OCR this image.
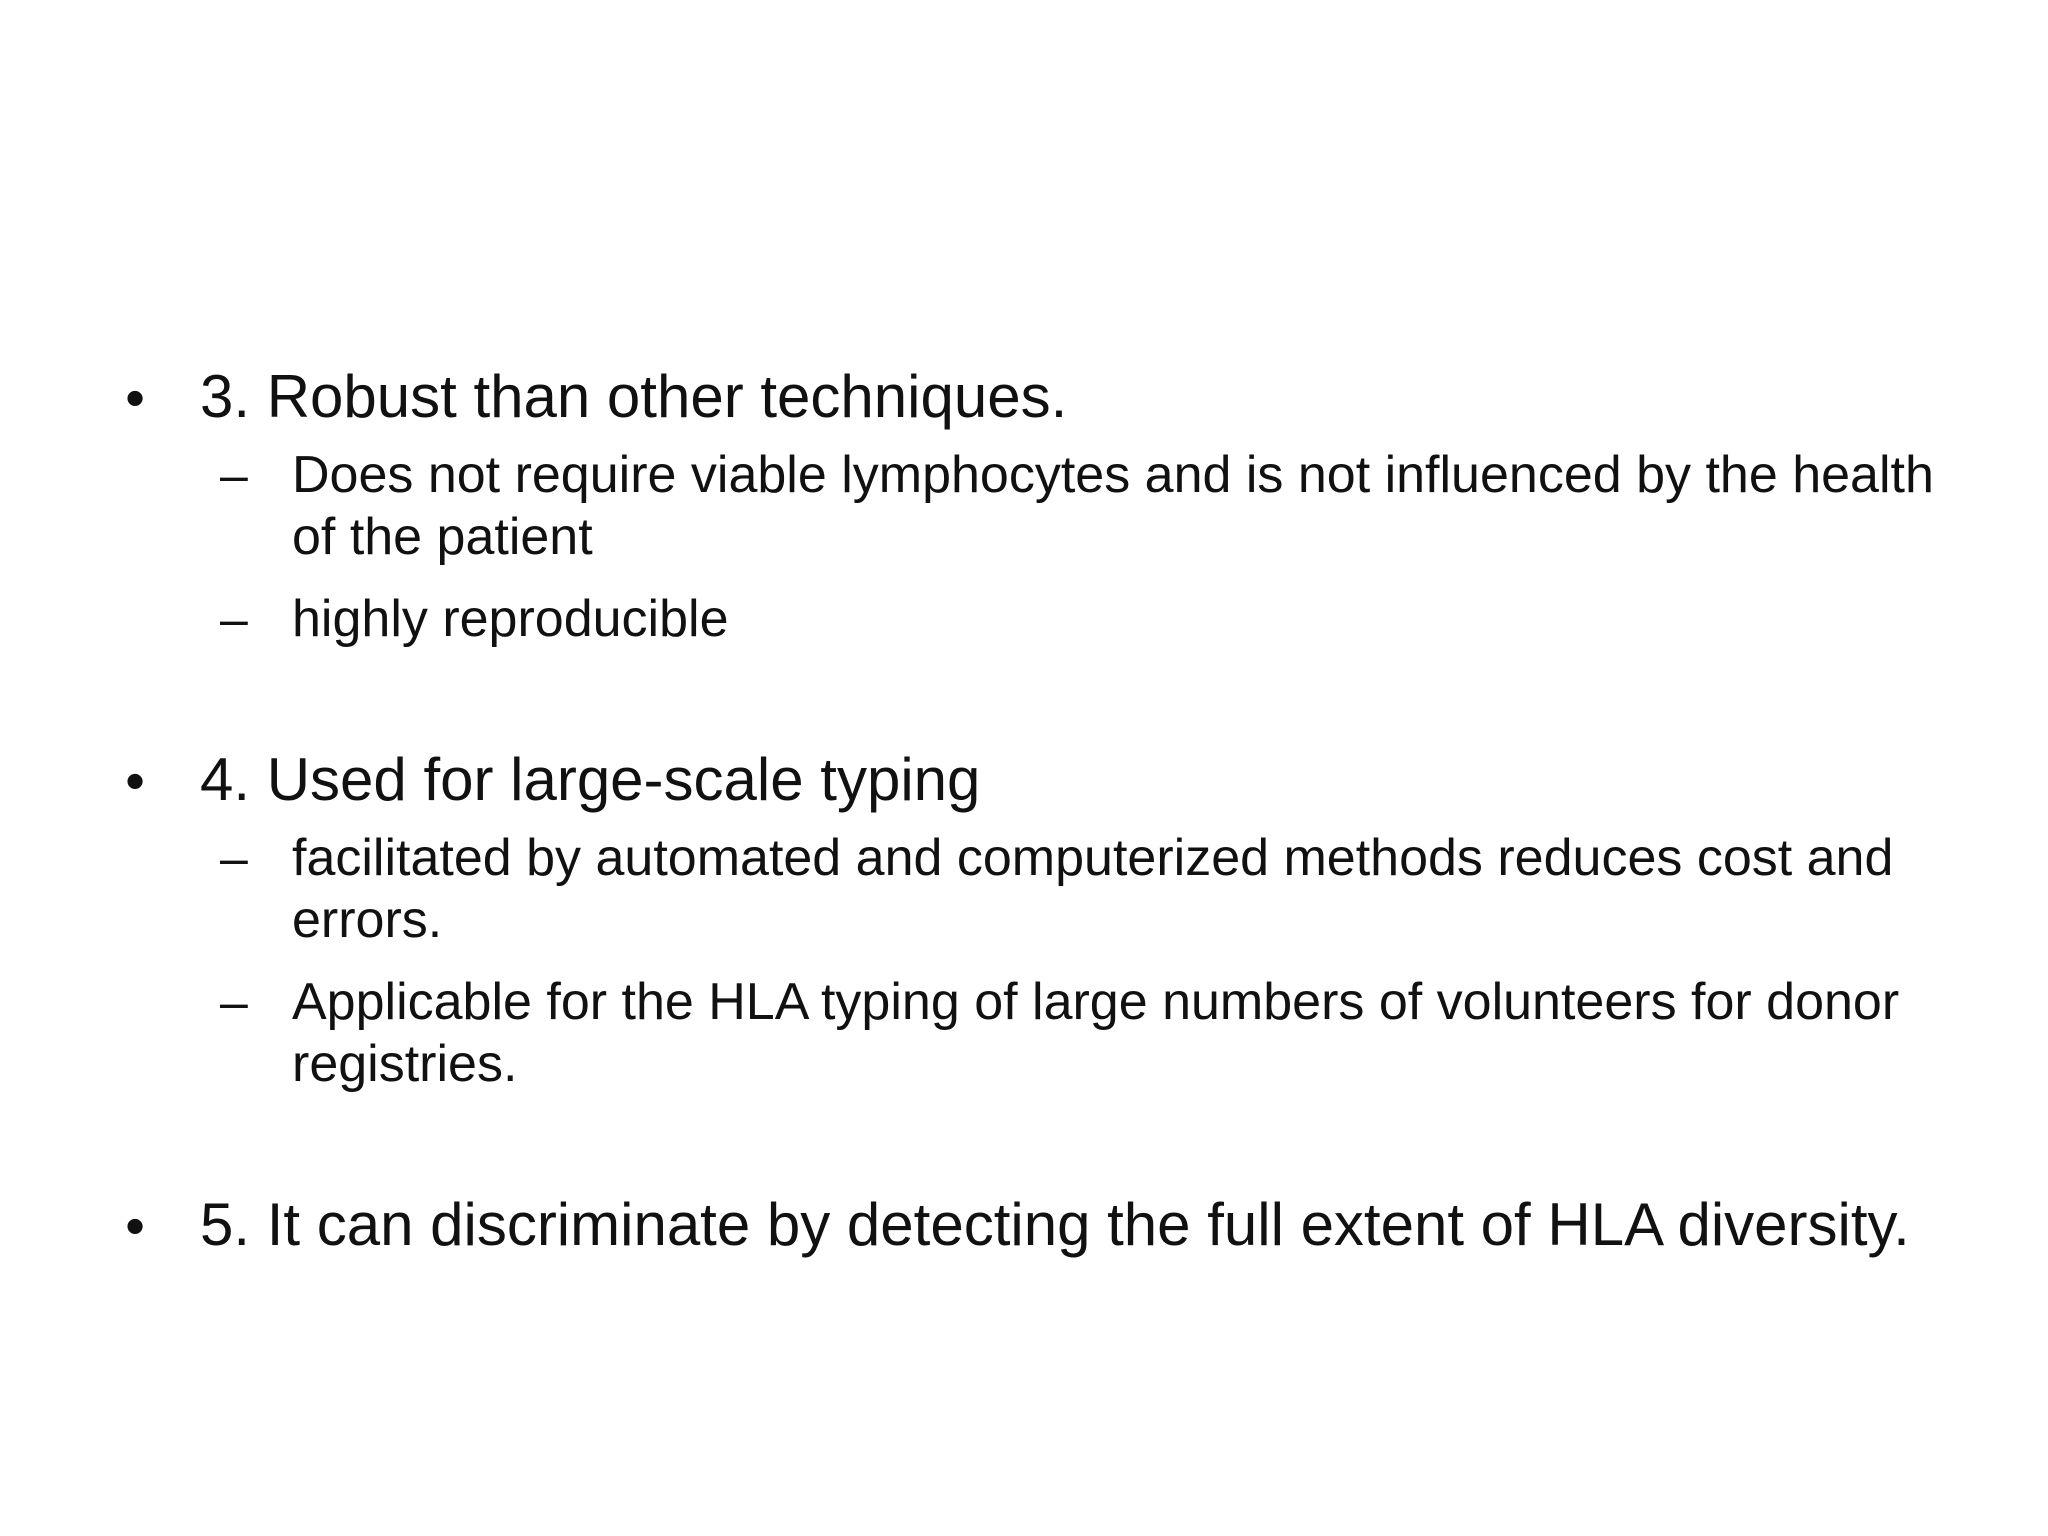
• 3. Robust than other techniques.
– Does not require viable lymphocytes and is not influenced by the health of the patient
– highly reproducible
• 4. Used for large-scale typing
– facilitated by automated and computerized methods reduces cost and errors.
– Applicable for the HLA typing of large numbers of volunteers for donor registries.
• 5. It can discriminate by detecting the full extent of HLA diversity.
